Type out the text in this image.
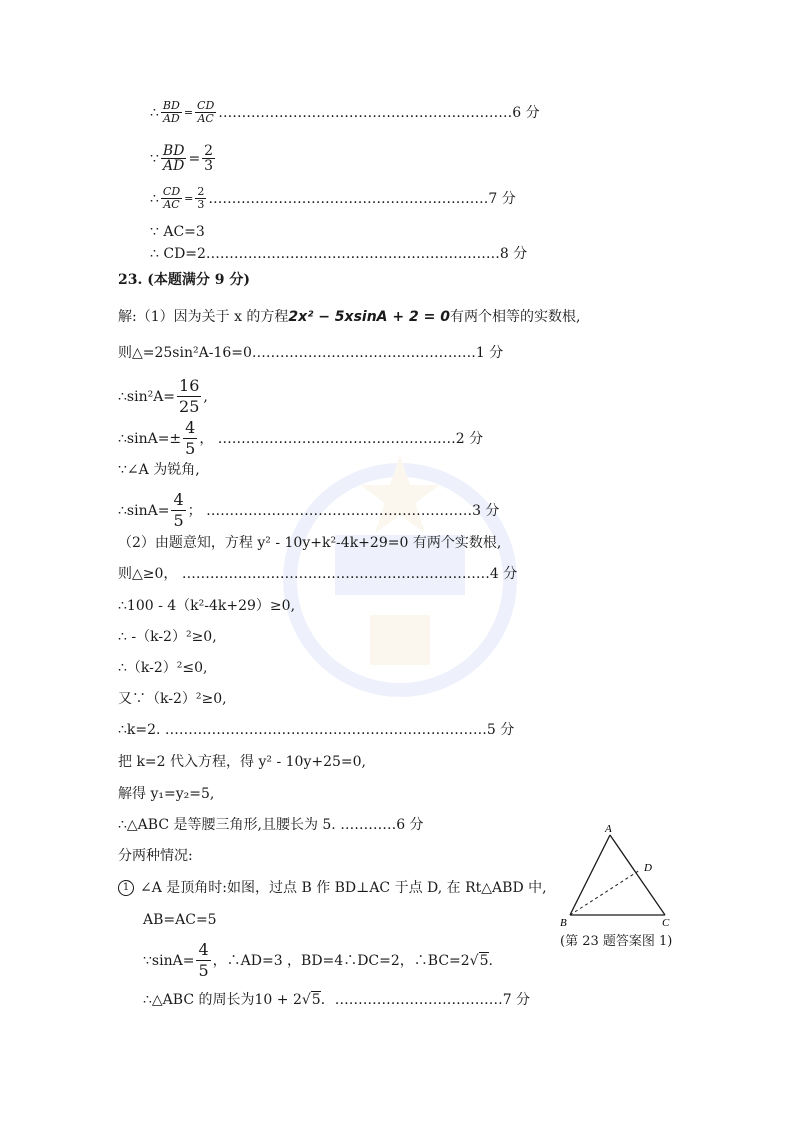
∴ $\frac{BD}{AD} = \frac{CD}{AC}$ ………………………………………………………6 分
∵ $\frac{BD}{AD} = \frac{2}{3}$
∴ $\frac{CD}{AC} = \frac{2}{3}$ ……………………………………………………7 分
∵ AC=3
∴ CD=2………………………………………………………8 分
23. (本题满分 9 分)
解:（1）因为关于 x 的方程 2x² − 5xsinA + 2 = 0 有两个相等的实数根,
则△=25sin²A-16=0…………………………………………1 分
∴sin²A= $\frac{16}{25}$ ,
∴sinA=± $\frac{4}{5}$ ， ……………………………………………2 分
∵∠A 为锐角,
∴sinA= $\frac{4}{5}$ ； …………………………………………………3 分
（2）由题意知，方程 y² - 10y+k²-4k+29=0 有两个实数根,
则△≥0， …………………………………………………………4 分
∴100 - 4（k²-4k+29）≥0,
∴ -（k-2）²≥0,
∴（k-2）²≤0,
又∵（k-2）²≥0,
∴k=2. ……………………………………………………………5 分
把 k=2 代入方程，得 y² - 10y+25=0,
解得 y₁=y₂=5,
∴△ABC 是等腰三角形,且腰长为 5. …………6 分
分两种情况:
1 ∠A 是顶角时:如图，过点 B 作 BD⊥AC 于点 D, 在 Rt△ABD 中,
AB=AC=5
∵sinA= $\frac{4}{5}$ ，∴AD=3 ，BD=4∴DC=2，∴BC=2 √5 .
∴△ABC 的周长为10 + 2 √5 ．………………………………7 分
A
B	C
D
(第 23 题答案图 1)
